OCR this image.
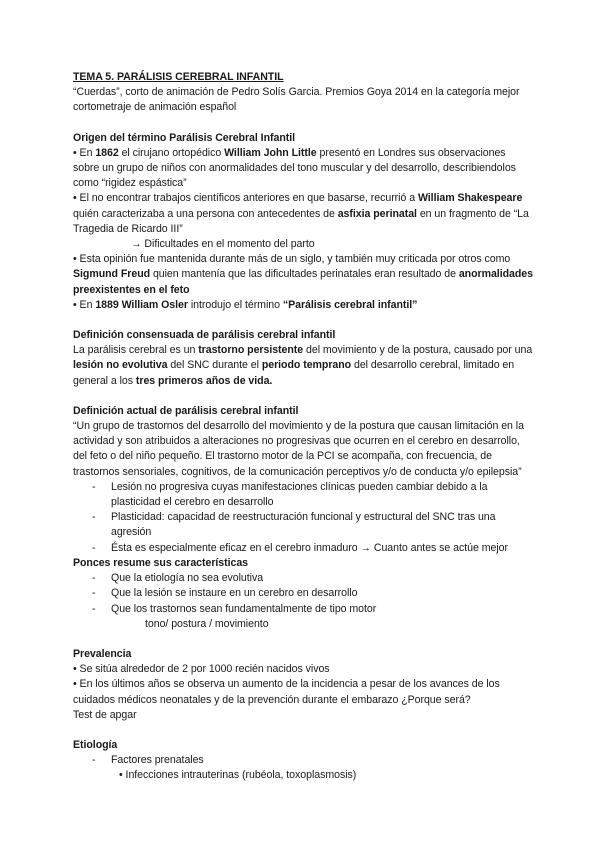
TEMA 5. PARÁLISIS CEREBRAL INFANTIL

“Cuerdas”, corto de animación de Pedro Solís Garcia. Premios Goya 2014 en la categoría mejor cortometraje de animación español

Origen del término Parálisis Cerebral Infantil

• En 1862 el cirujano ortopédico William John Little presentó en Londres sus observaciones sobre un grupo de niños con anormalidades del tono muscular y del desarrollo, describiendolos como “rigidez espástica”

• El no encontrar trabajos científicos anteriores en que basarse, recurrió a William Shakespeare quién caracterizaba a una persona con antecedentes de asfixia perinatal en un fragmento de “La Tragedia de Ricardo III”

→ Dificultades en el momento del parto

• Esta opinión fue mantenida durante más de un siglo, y también muy criticada por otros como Sigmund Freud quien mantenía que las dificultades perinatales eran resultado de anormalidades preexistentes en el feto

• En 1889 William Osler introdujo el término “Parálisis cerebral infantil”

Definición consensuada de parálisis cerebral infantil

La parálisis cerebral es un trastorno persistente del movimiento y de la postura, causado por una lesión no evolutiva del SNC durante el periodo temprano del desarrollo cerebral, limitado en general a los tres primeros años de vida.

Definición actual de parálisis cerebral infantil

“Un grupo de trastornos del desarrollo del movimiento y de la postura que causan limitación en la actividad y son atribuidos a alteraciones no progresivas que ocurren en el cerebro en desarrollo, del feto o del niño pequeño. El trastorno motor de la PCI se acompaña, con frecuencia, de trastornos sensoriales, cognitivos, de la comunicación perceptivos y/o de conducta y/o epilepsia”

- Lesión no progresiva cuyas manifestaciones clínicas pueden cambiar debido a la plasticidad el cerebro en desarrollo
- Plasticidad: capacidad de reestructuración funcional y estructural del SNC tras una agresión
- Ésta es especialmente eficaz en el cerebro inmaduro → Cuanto antes se actúe mejor

Ponces resume sus características

- Que la etiología no sea evolutiva
- Que la lesión se instaure en un cerebro en desarrollo
- Que los trastornos sean fundamentalmente de tipo motor

tono/ postura / movimiento

Prevalencia

• Se sitúa alrededor de 2 por 1000 recién nacidos vivos

• En los últimos años se observa un aumento de la incidencia a pesar de los avances de los cuidados médicos neonatales y de la prevención durante el embarazo ¿Porque será?

Test de apgar

Etiología

- Factores prenatales

• Infecciones intrauterinas (rubéola, toxoplasmosis)
